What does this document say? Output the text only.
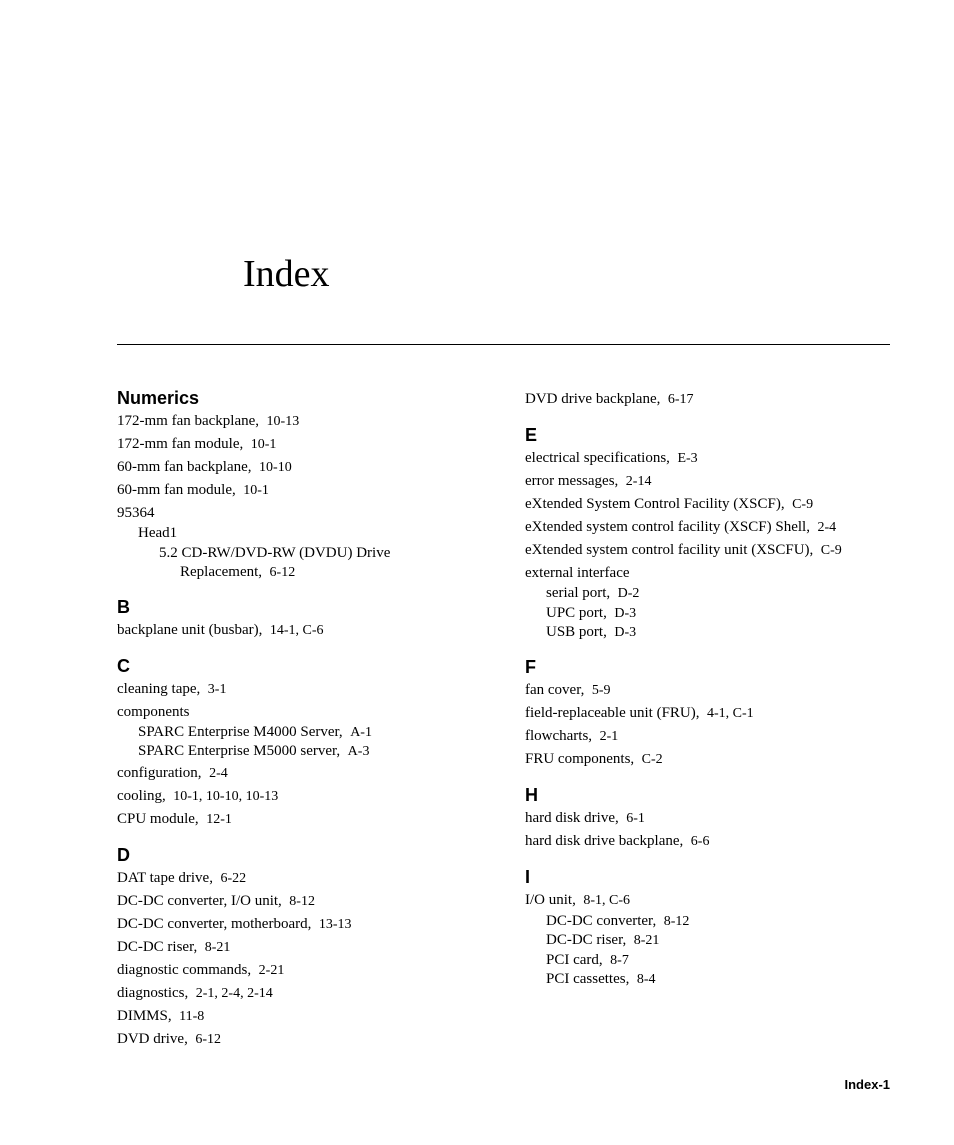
Index
Numerics
172-mm fan backplane, 10-13
172-mm fan module, 10-1
60-mm fan backplane, 10-10
60-mm fan module, 10-1
95364
Head1
5.2 CD-RW/DVD-RW (DVDU) Drive
Replacement, 6-12
B
backplane unit (busbar), 14-1, C-6
C
cleaning tape, 3-1
components
SPARC Enterprise M4000 Server, A-1
SPARC Enterprise M5000 server, A-3
configuration, 2-4
cooling, 10-1, 10-10, 10-13
CPU module, 12-1
D
DAT tape drive, 6-22
DC-DC converter, I/O unit, 8-12
DC-DC converter, motherboard, 13-13
DC-DC riser, 8-21
diagnostic commands, 2-21
diagnostics, 2-1, 2-4, 2-14
DIMMS, 11-8
DVD drive, 6-12
DVD drive backplane, 6-17
E
electrical specifications, E-3
error messages, 2-14
eXtended System Control Facility (XSCF), C-9
eXtended system control facility (XSCF) Shell, 2-4
eXtended system control facility unit (XSCFU), C-9
external interface
serial port, D-2
UPC port, D-3
USB port, D-3
F
fan cover, 5-9
field-replaceable unit (FRU), 4-1, C-1
flowcharts, 2-1
FRU components, C-2
H
hard disk drive, 6-1
hard disk drive backplane, 6-6
I
I/O unit, 8-1, C-6
DC-DC converter, 8-12
DC-DC riser, 8-21
PCI card, 8-7
PCI cassettes, 8-4
Index-1
